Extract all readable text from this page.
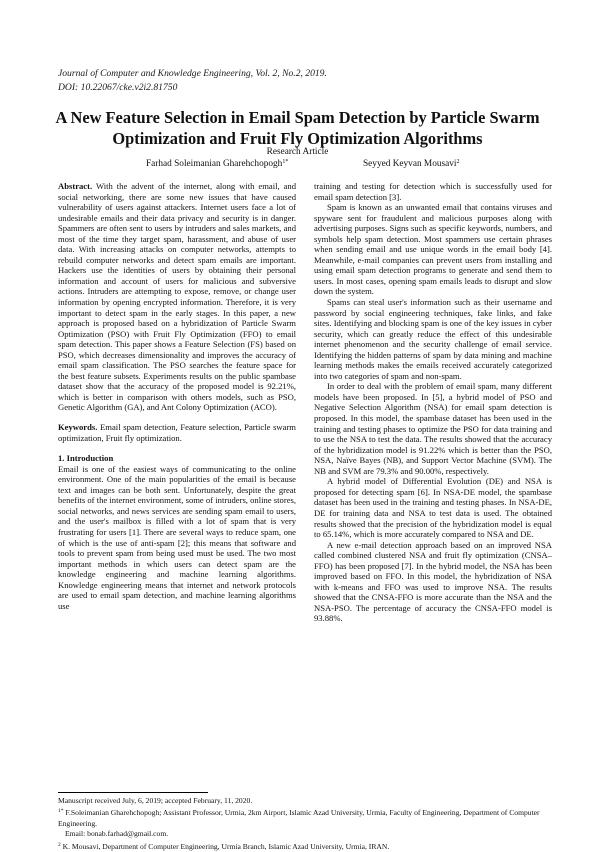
Journal of Computer and Knowledge Engineering, Vol. 2, No.2, 2019.
DOI: 10.22067/cke.v2i2.81750
A New Feature Selection in Email Spam Detection by Particle Swarm Optimization and Fruit Fly Optimization Algorithms
Research Article
Farhad Soleimanian Gharehchopogh$^{1*}$	Seyyed Keyvan Mousavi$^2$

Abstract. With the advent of the internet, along with email, and social networking, there are some new issues that have caused vulnerability of users against attackers. Internet users face a lot of undesirable emails and their data privacy and security is in danger. Spammers are often sent to users by intruders and sales markets, and most of the time they target spam, harassment, and abuse of user data. With increasing attacks on computer networks, attempts to rebuild computer networks and detect spam emails are important. Hackers use the identities of users by obtaining their personal information and account of users for malicious and subversive actions. Intruders are attempting to expose, remove, or change user information by opening encrypted information. Therefore, it is very important to detect spam in the early stages. In this paper, a new approach is proposed based on a hybridization of Particle Swarm Optimization (PSO) with Fruit Fly Optimization (FFO) to email spam detection. This paper shows a Feature Selection (FS) based on PSO, which decreases dimensionality and improves the accuracy of email spam classification. The PSO searches the feature space for the best feature subsets. Experiments results on the public spambase dataset show that the accuracy of the proposed model is 92.21%, which is better in comparison with others models, such as PSO, Genetic Algorithm (GA), and Ant Colony Optimization (ACO).

Keywords. Email spam detection, Feature selection, Particle swarm optimization, Fruit fly optimization.

1. Introduction

Email is one of the easiest ways of communicating to the online environment. One of the main popularities of the email is because text and images can be both sent. Unfortunately, despite the great benefits of the internet environment, some of intruders, online stores, social networks, and news services are sending spam email to users, and the user's mailbox is filled with a lot of spam that is very frustrating for users [1]. There are several ways to reduce spam, one of which is the use of anti-spam [2]; this means that software and tools to prevent spam from being used must be used. The two most important methods in which users can detect spam are the knowledge engineering and machine learning algorithms. Knowledge engineering means that internet and network protocols are used to email spam detection, and machine learning algorithms use

training and testing for detection which is successfully used for email spam detection [3].

Spam is known as an unwanted email that contains viruses and spyware sent for fraudulent and malicious purposes along with advertising purposes. Signs such as specific keywords, numbers, and symbols help spam detection. Most spammers use certain phrases when sending email and use unique words in the email body [4]. Meanwhile, e-mail companies can prevent users from installing and using email spam detection programs to generate and send them to users. In most cases, opening spam emails leads to disrupt and slow down the system.

Spams can steal user's information such as their username and password by social engineering techniques, fake links, and fake sites. Identifying and blocking spam is one of the key issues in cyber security, which can greatly reduce the effect of this undesirable internet phenomenon and the security challenge of email service. Identifying the hidden patterns of spam by data mining and machine learning methods makes the emails received accurately categorized into two categories of spam and non-spam.

In order to deal with the problem of email spam, many different models have been proposed. In [5], a hybrid model of PSO and Negative Selection Algorithm (NSA) for email spam detection is proposed. In this model, the spambase dataset has been used in the training and testing phases to optimize the PSO for data training and to use the NSA to test the data. The results showed that the accuracy of the hybridization model is 91.22% which is better than the PSO, NSA, Naïve Bayes (NB), and Support Vector Machine (SVM). The NB and SVM are 79.3% and 90.00%, respectively.

A hybrid model of Differential Evolution (DE) and NSA is proposed for detecting spam [6]. In NSA-DE model, the spambase dataset has been used in the training and testing phases. In NSA-DE, DE for training data and NSA to test data is used. The obtained results showed that the precision of the hybridization model is equal to 65.14%, which is more accurately compared to NSA and DE.

A new e-mail detection approach based on an improved NSA called combined clustered NSA and fruit fly optimization (CNSA–FFO) has been proposed [7]. In the hybrid model, the NSA has been improved based on FFO. In this model, the hybridization of NSA with k-means and FFO was used to improve NSA. The results showed that the CNSA-FFO is more accurate than the NSA and the NSA-PSO. The percentage of accuracy the CNSA-FFO model is 93.88%.

Manuscript received July, 6, 2019; accepted February, 11, 2020.

$^{1*}$ F.Soleimanian Gharehchopogh; Assistant Professor, Urmia, 2km Airport, Islamic Azad University, Urmia, Faculty of Engineering, Department of Computer Engineering.

Email: bonab.farhad@gmail.com.

$^2$ K. Mousavi, Department of Computer Engineering, Urmia Branch, Islamic Azad University, Urmia, IRAN.
